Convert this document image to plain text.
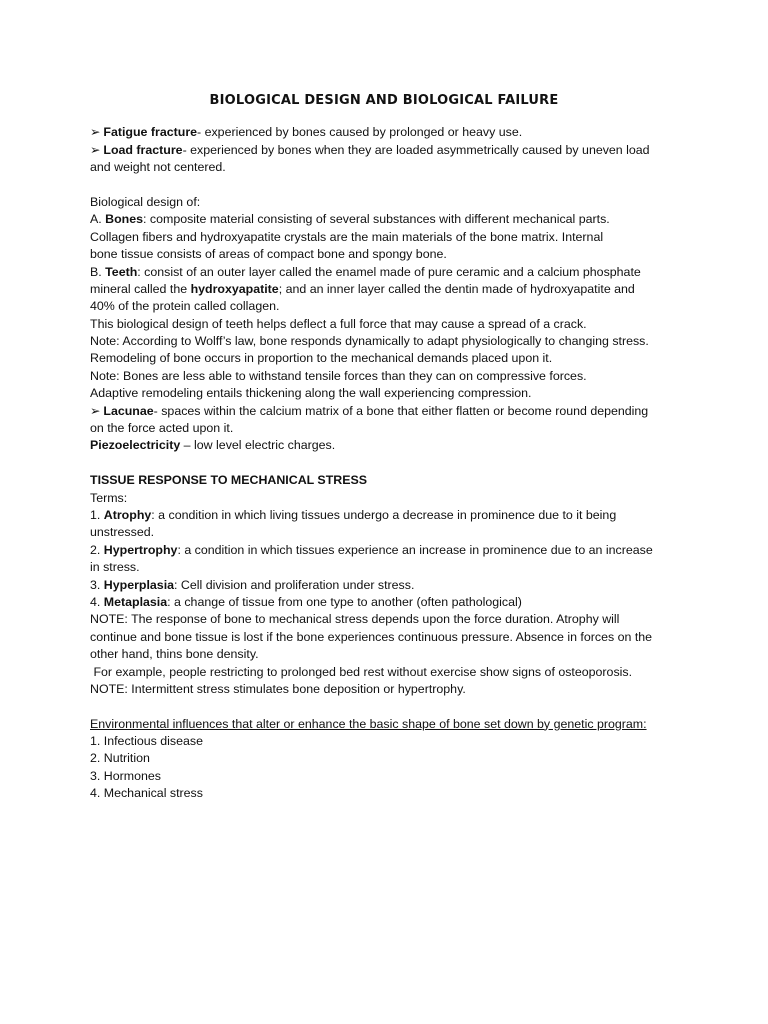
BIOLOGICAL DESIGN AND BIOLOGICAL FAILURE
➢ Fatigue fracture- experienced by bones caused by prolonged or heavy use.
➢ Load fracture- experienced by bones when they are loaded asymmetrically caused by uneven load
and weight not centered.
Biological design of:
A. Bones: composite material consisting of several substances with different mechanical parts.
Collagen fibers and hydroxyapatite crystals are the main materials of the bone matrix. Internal
bone tissue consists of areas of compact bone and spongy bone.
B. Teeth: consist of an outer layer called the enamel made of pure ceramic and a calcium phosphate
mineral called the hydroxyapatite; and an inner layer called the dentin made of hydroxyapatite and
40% of the protein called collagen.
This biological design of teeth helps deflect a full force that may cause a spread of a crack.
Note: According to Wolff’s law, bone responds dynamically to adapt physiologically to changing stress.
Remodeling of bone occurs in proportion to the mechanical demands placed upon it.
Note: Bones are less able to withstand tensile forces than they can on compressive forces.
Adaptive remodeling entails thickening along the wall experiencing compression.
➢ Lacunae- spaces within the calcium matrix of a bone that either flatten or become round depending
on the force acted upon it.
Piezoelectricity – low level electric charges.
TISSUE RESPONSE TO MECHANICAL STRESS
Terms:
1. Atrophy: a condition in which living tissues undergo a decrease in prominence due to it being
unstressed.
2. Hypertrophy: a condition in which tissues experience an increase in prominence due to an increase
in stress.
3. Hyperplasia: Cell division and proliferation under stress.
4. Metaplasia: a change of tissue from one type to another (often pathological)
NOTE: The response of bone to mechanical stress depends upon the force duration. Atrophy will
continue and bone tissue is lost if the bone experiences continuous pressure. Absence in forces on the
other hand, thins bone density.
For example, people restricting to prolonged bed rest without exercise show signs of osteoporosis.
NOTE: Intermittent stress stimulates bone deposition or hypertrophy.
Environmental influences that alter or enhance the basic shape of bone set down by genetic program:
1. Infectious disease
2. Nutrition
3. Hormones
4. Mechanical stress
